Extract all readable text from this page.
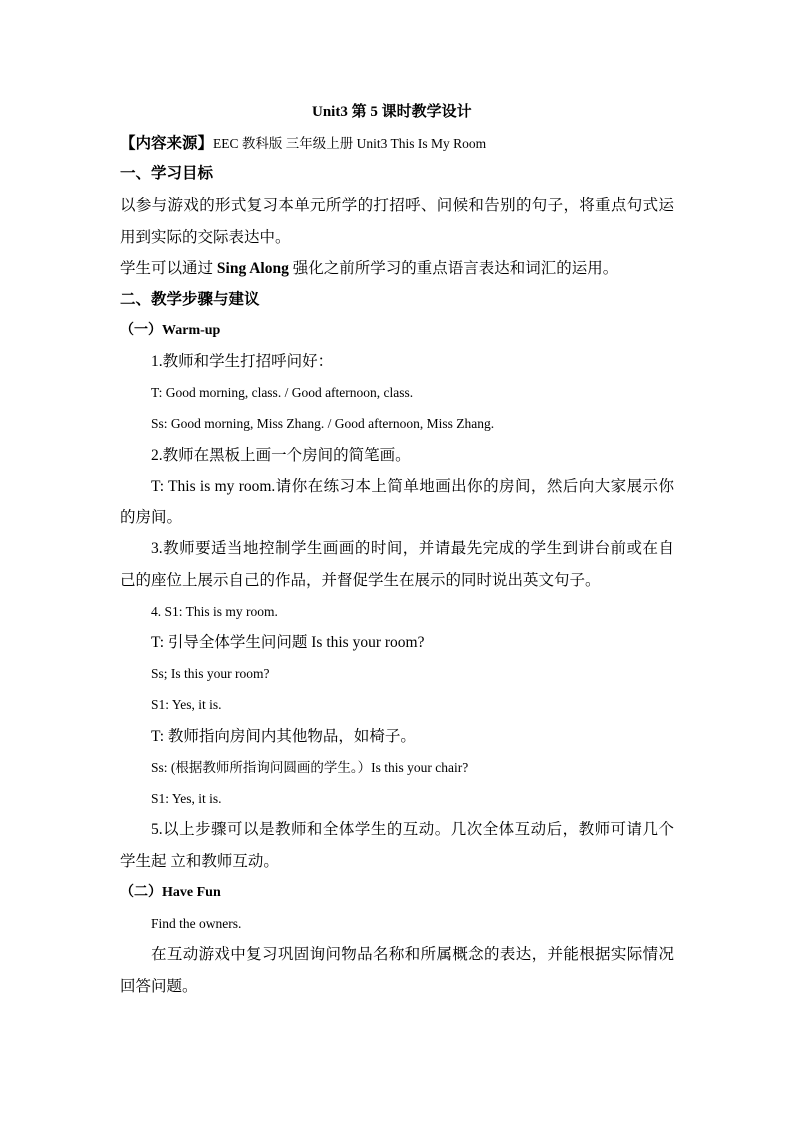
Unit3 第 5 课时教学设计
【内容来源】EEC 教科版 三年级上册 Unit3 This Is My Room
一、学习目标
以参与游戏的形式复习本单元所学的打招呼、问候和告别的句子，将重点句式运
用到实际的交际表达中。
学生可以通过 Sing Along 强化之前所学习的重点语言表达和词汇的运用。
二、教学步骤与建议
（一）Warm-up
1.教师和学生打招呼问好：
T: Good morning, class. / Good afternoon, class.
Ss: Good morning, Miss Zhang. / Good afternoon, Miss Zhang.
2.教师在黑板上画一个房间的简笔画。
T: This is my room.请你在练习本上简单地画出你的房间，然后向大家展示你
的房间。
3.教师要适当地控制学生画画的时间，并请最先完成的学生到讲台前或在自
己的座位上展示自己的作品，并督促学生在展示的同时说出英文句子。
4. S1: This is my room.
T: 引导全体学生问问题 Is this your room?
Ss; Is this your room?
S1: Yes, it is.
T: 教师指向房间内其他物品，如椅子。
Ss: (根据教师所指询问圆画的学生。）Is this your chair?
S1: Yes, it is.
5.以上步骤可以是教师和全体学生的互动。几次全体互动后，教师可请几个
学生起 立和教师互动。
（二）Have Fun
Find the owners.
在互动游戏中复习巩固询问物品名称和所属概念的表达，并能根据实际情况
回答问题。
